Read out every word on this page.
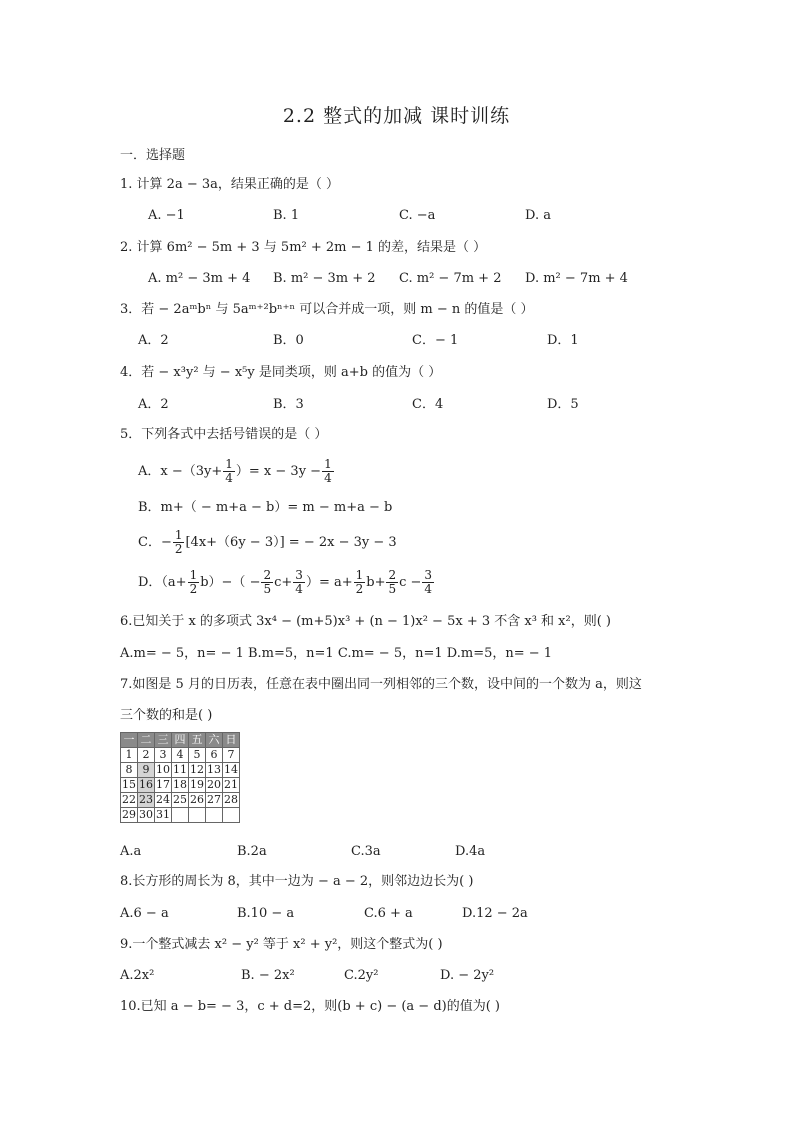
2.2 整式的加减 课时训练
一．选择题
1. 计算 2a − 3a，结果正确的是（ ）
A. −1	B. 1	C. −a	D. a
2. 计算 6m² − 5m + 3 与 5m² + 2m − 1 的差，结果是（ ）
A. m² − 3m + 4 B. m² − 3m + 2 C. m² − 7m + 2 D. m² − 7m + 4
3．若 − 2aᵐbⁿ 与 5aᵐ⁺²bⁿ⁺ⁿ 可以合并成一项，则 m − n 的值是（ ）
A．2	B．0	C．− 1	D．1
4．若 − x³y² 与 − x⁵y 是同类项，则 a+b 的值为（ ）
A．2	B．3	C．4	D．5
5．下列各式中去括号错误的是（ ）
A．$x -(3y+ \frac{1}{4}$ ）= $x - 3y - \frac{1}{4}$
B．m+（ − m+a − b）= m − m+a − b
C．− $\frac{1}{2} [4x+(6y - 3)]$ = − 2x − 3y − 3
D．$(a+ \frac{1}{2} b)-( - \frac{2}{5} c+ \frac{3}{4}$ ）= $a+ \frac{1}{2} b+ \frac{2}{5}$ $c - \frac{3}{4}$
6.已知关于 x 的多项式 3x⁴ − (m+5)x³ + (n − 1)x² − 5x + 3 不含 x³ 和 x²，则( )
A.m= − 5，n= − 1 B.m=5，n=1 C.m= − 5，n=1 D.m=5，n= − 1
7.如图是 5 月的日历表，任意在表中圈出同一列相邻的三个数，设中间的一个数为 a，则这
三个数的和是( )
一	二	三	四	五	六	日
1	2	3	4	5	6	7
8	9	10	11	12	13	14
15	16	17	18	19	20	21
22	23	24	25	26	27	28
29	30	31				
A.a	B.2a	C.3a	D.4a
8.长方形的周长为 8，其中一边为 − a − 2，则邻边边长为( )
A.6 − a	B.10 − a	C.6 + a	D.12 − 2a
9.一个整式减去 x² − y² 等于 x² + y²，则这个整式为( )
A.2x²	B. − 2x²	C.2y²	D. − 2y²
10.已知 a − b= − 3，c + d=2，则(b + c) − (a − d)的值为( )
